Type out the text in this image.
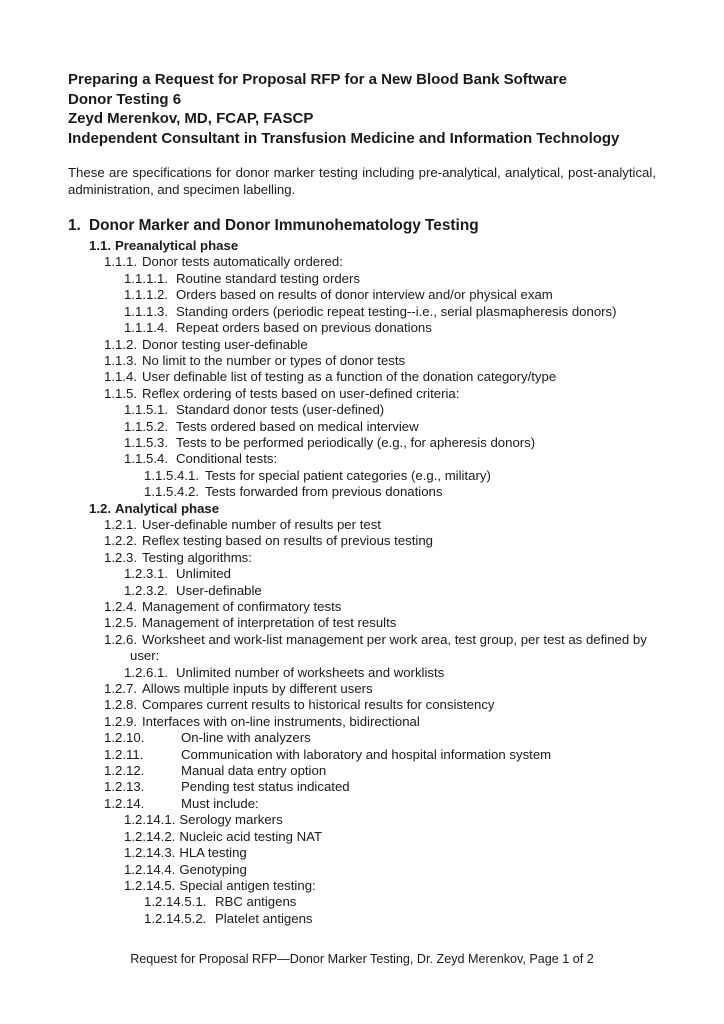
Preparing a Request for Proposal RFP for a New Blood Bank Software
Donor Testing 6
Zeyd Merenkov, MD, FCAP, FASCP
Independent Consultant in Transfusion Medicine and Information Technology

These are specifications for donor marker testing including pre-analytical, analytical, post-analytical, administration, and specimen labelling.

1. Donor Marker and Donor Immunohematology Testing
1.1. Preanalytical phase
1.1.1. Donor tests automatically ordered:
1.1.1.1. Routine standard testing orders
1.1.1.2. Orders based on results of donor interview and/or physical exam
1.1.1.3. Standing orders (periodic repeat testing--i.e., serial plasmapheresis donors)
1.1.1.4. Repeat orders based on previous donations
1.1.2. Donor testing user-definable
1.1.3. No limit to the number or types of donor tests
1.1.4. User definable list of testing as a function of the donation category/type
1.1.5. Reflex ordering of tests based on user-defined criteria:
1.1.5.1. Standard donor tests (user-defined)
1.1.5.2. Tests ordered based on medical interview
1.1.5.3. Tests to be performed periodically (e.g., for apheresis donors)
1.1.5.4. Conditional tests:
1.1.5.4.1. Tests for special patient categories (e.g., military)
1.1.5.4.2. Tests forwarded from previous donations
1.2. Analytical phase
1.2.1. User-definable number of results per test
1.2.2. Reflex testing based on results of previous testing
1.2.3. Testing algorithms:
1.2.3.1. Unlimited
1.2.3.2. User-definable
1.2.4. Management of confirmatory tests
1.2.5. Management of interpretation of test results
1.2.6. Worksheet and work-list management per work area, test group, per test as defined by user:
1.2.6.1. Unlimited number of worksheets and worklists
1.2.7. Allows multiple inputs by different users
1.2.8. Compares current results to historical results for consistency
1.2.9. Interfaces with on-line instruments, bidirectional
1.2.10.	On-line with analyzers
1.2.11.	Communication with laboratory and hospital information system
1.2.12.	Manual data entry option
1.2.13.	Pending test status indicated
1.2.14.	Must include:
1.2.14.1. Serology markers
1.2.14.2. Nucleic acid testing NAT
1.2.14.3. HLA testing
1.2.14.4. Genotyping
1.2.14.5. Special antigen testing:
1.2.14.5.1. RBC antigens
1.2.14.5.2. Platelet antigens
Request for Proposal RFP—Donor Marker Testing, Dr. Zeyd Merenkov, Page 1 of 2
